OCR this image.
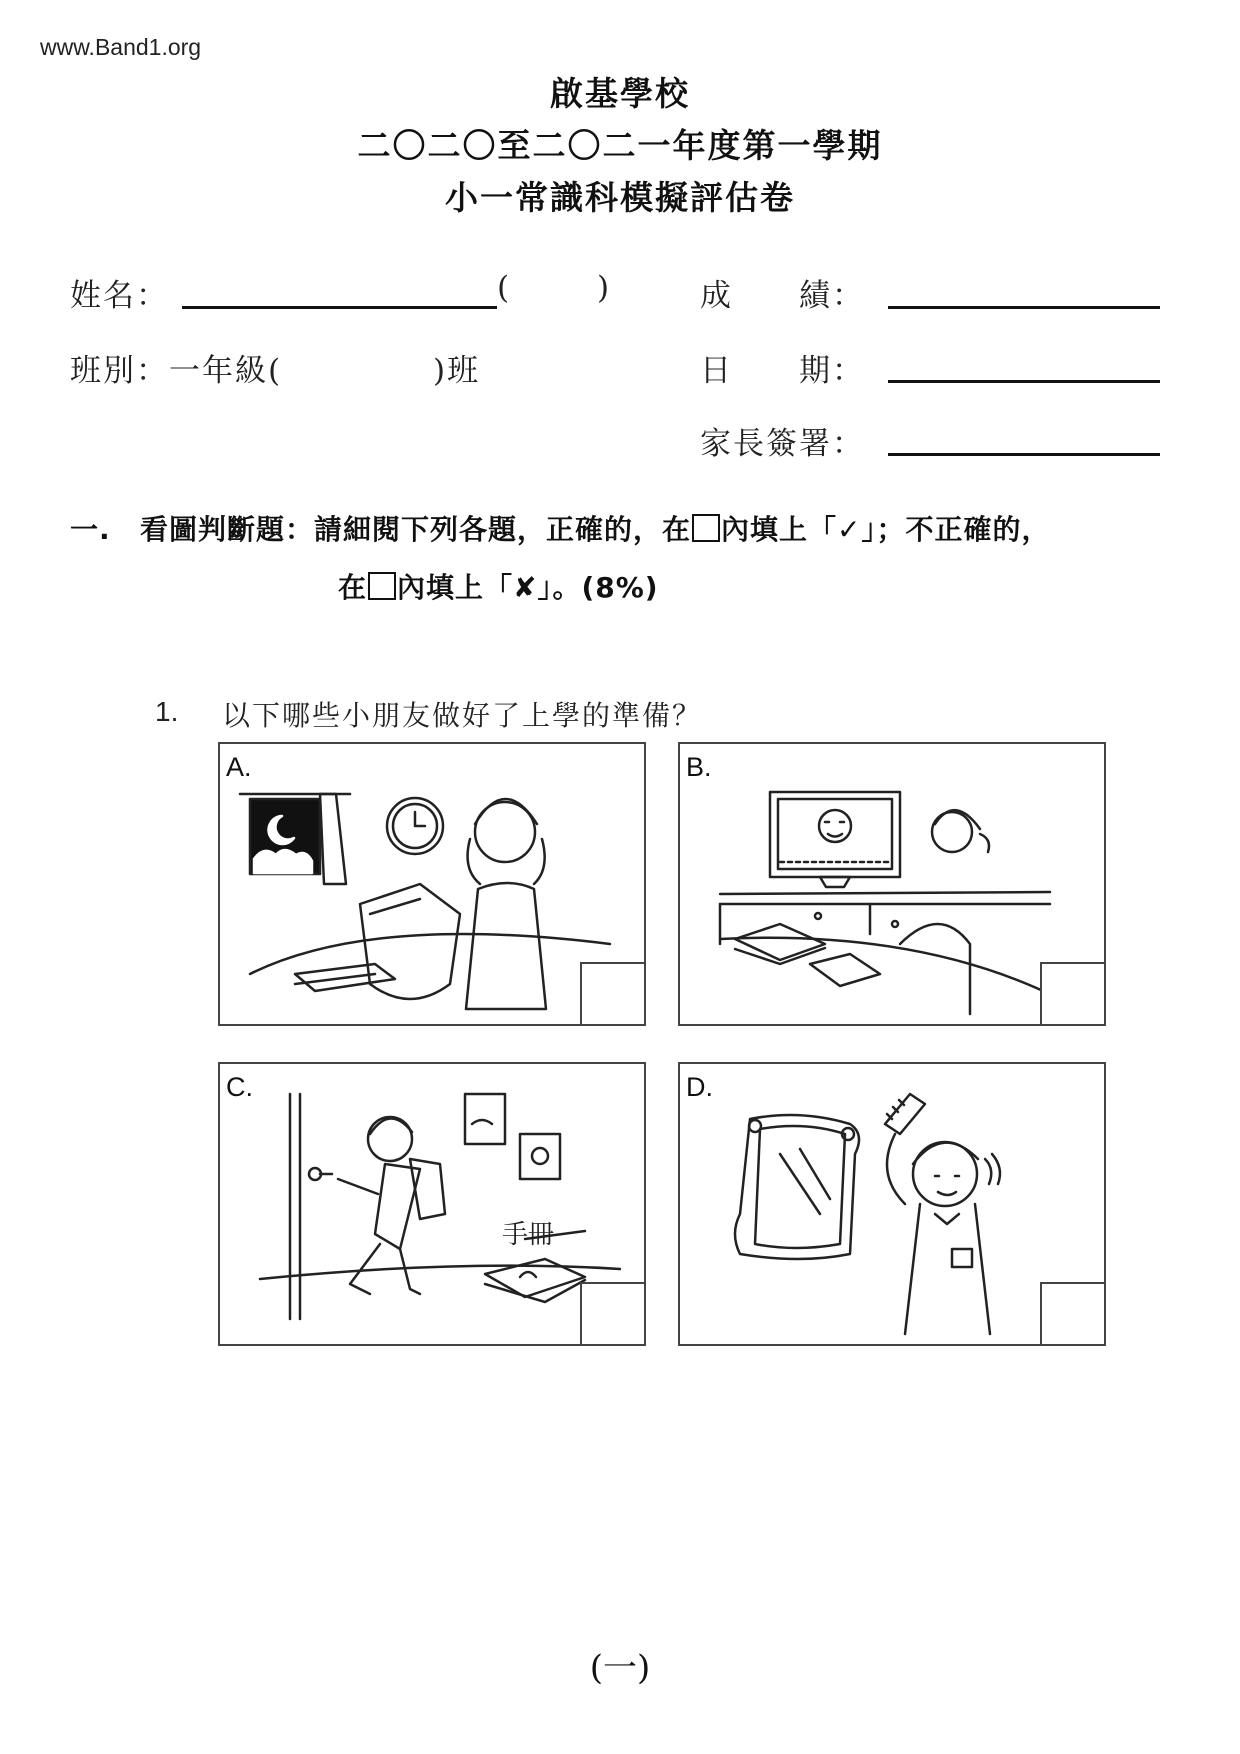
www.Band1.org
啟基學校
二〇二〇至二〇二一年度第一學期
小一常識科模擬評估卷
姓名：	(	)	成　　績：
班別：一年級(	)班	日　　期：
家長簽署：
一. 看圖判斷題：請細閱下列各題，正確的，在 內填上「✓」；不正確的，
在 內填上「✘」。(8%)
1. 以下哪些小朋友做好了上學的準備？
A.	B.
手冊
C.	D.
(一)
